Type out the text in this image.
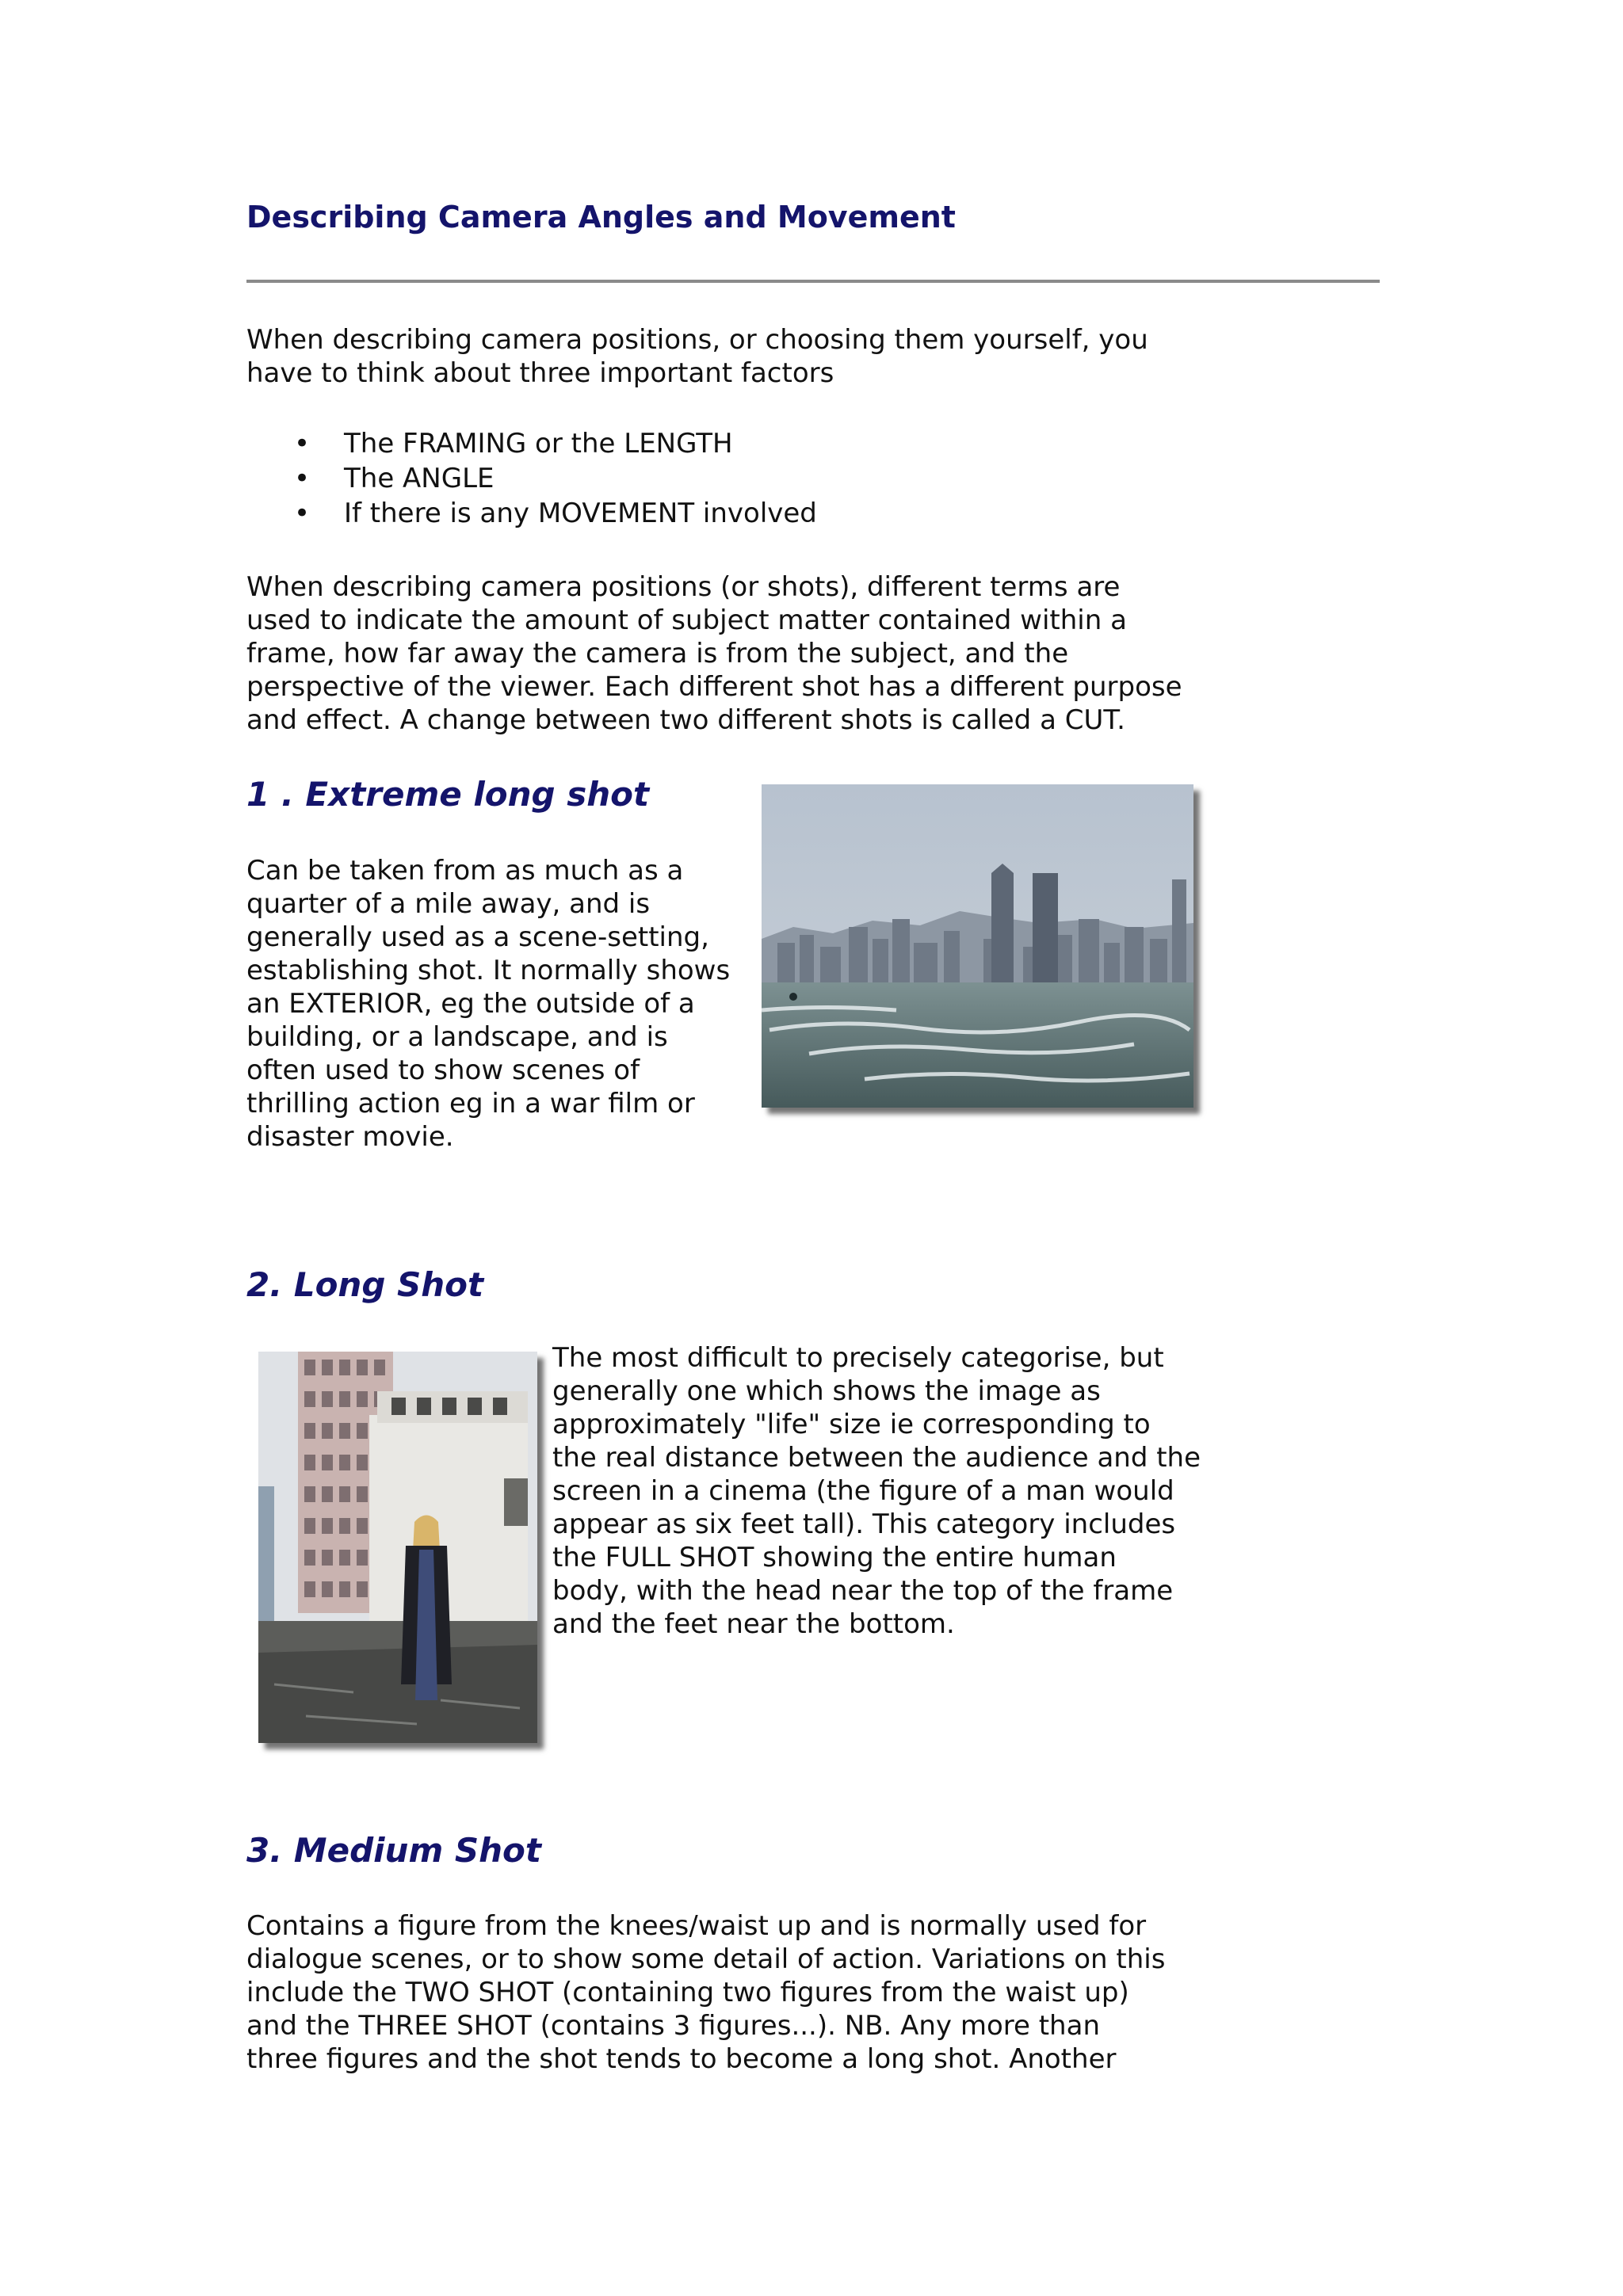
Describing Camera Angles and Movement

When describing camera positions, or choosing them yourself, you
have to think about three important factors

• The FRAMING or the LENGTH
• The ANGLE
• If there is any MOVEMENT involved

When describing camera positions (or shots), different terms are
used to indicate the amount of subject matter contained within a
frame, how far away the camera is from the subject, and the
perspective of the viewer. Each different shot has a different purpose
and effect. A change between two different shots is called a CUT.

1 . Extreme long shot

Can be taken from as much as a
quarter of a mile away, and is
generally used as a scene-setting,
establishing shot. It normally shows
an EXTERIOR, eg the outside of a
building, or a landscape, and is
often used to show scenes of
thrilling action eg in a war film or
disaster movie.

2. Long Shot

The most difficult to precisely categorise, but
generally one which shows the image as
approximately "life" size ie corresponding to
the real distance between the audience and the
screen in a cinema (the figure of a man would
appear as six feet tall). This category includes
the FULL SHOT showing the entire human
body, with the head near the top of the frame
and the feet near the bottom.

3. Medium Shot

Contains a figure from the knees/waist up and is normally used for
dialogue scenes, or to show some detail of action. Variations on this
include the TWO SHOT (containing two figures from the waist up)
and the THREE SHOT (contains 3 figures...). NB. Any more than
three figures and the shot tends to become a long shot. Another
